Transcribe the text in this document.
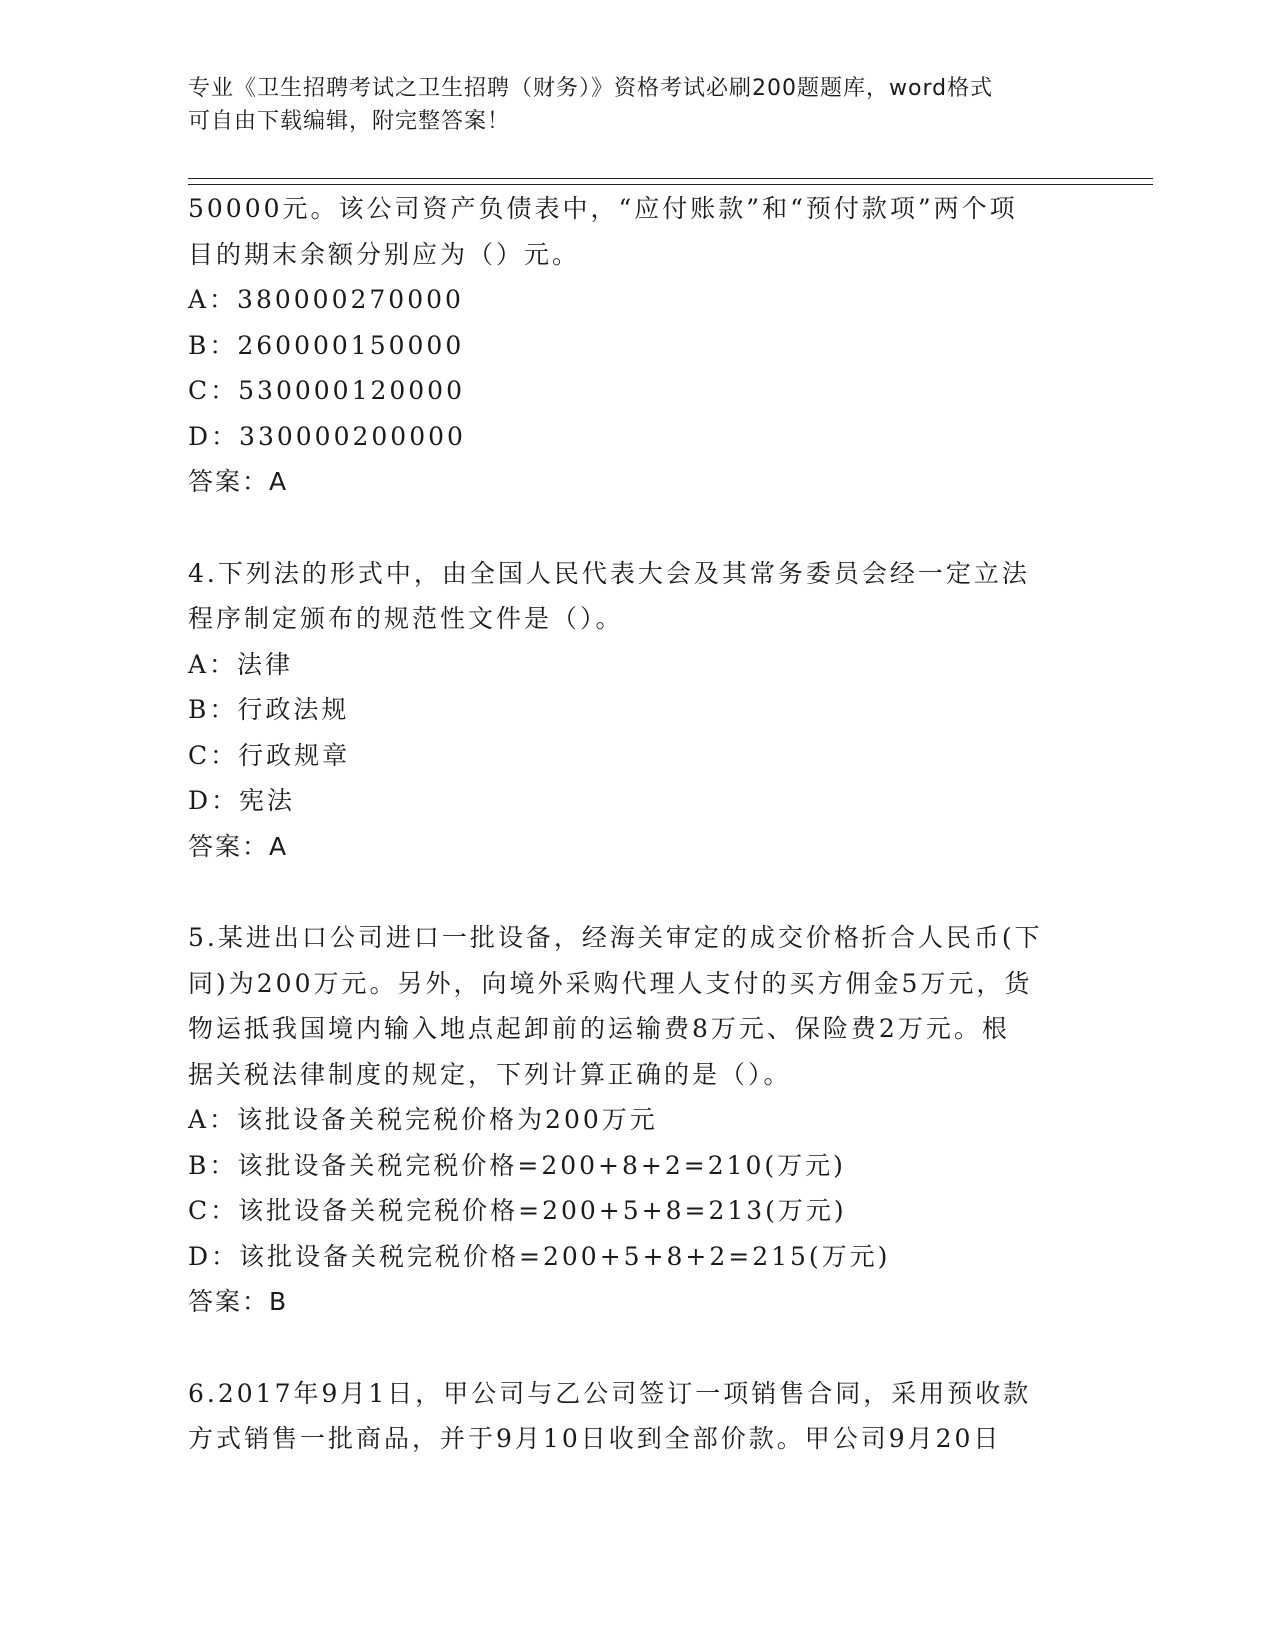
专业《卫生招聘考试之卫生招聘（财务）》资格考试必刷200题题库，word格式
可自由下载编辑，附完整答案！
50000元。该公司资产负债表中，“应付账款”和“预付款项”两个项
目的期末余额分别应为（）元。
A：380000270000
B：260000150000
C：530000120000
D：330000200000
答案：A
4.下列法的形式中，由全国人民代表大会及其常务委员会经一定立法
程序制定颁布的规范性文件是（）。
A：法律
B：行政法规
C：行政规章
D：宪法
答案：A
5.某进出口公司进口一批设备，经海关审定的成交价格折合人民币(下
同)为200万元。另外，向境外采购代理人支付的买方佣金5万元，货
物运抵我国境内输入地点起卸前的运输费8万元、保险费2万元。根
据关税法律制度的规定，下列计算正确的是（）。
A：该批设备关税完税价格为200万元
B：该批设备关税完税价格=200+8+2=210(万元)
C：该批设备关税完税价格=200+5+8=213(万元)
D：该批设备关税完税价格=200+5+8+2=215(万元)
答案：B
6.2017年9月1日，甲公司与乙公司签订一项销售合同，采用预收款
方式销售一批商品，并于9月10日收到全部价款。甲公司9月20日
